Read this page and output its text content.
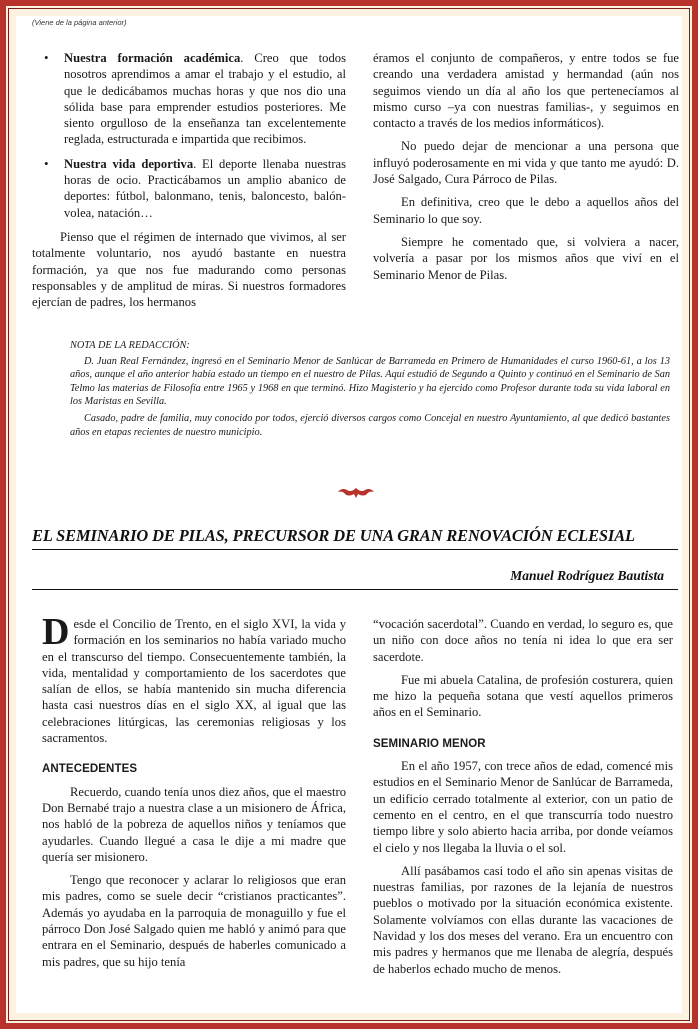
(Viene de la página anterior)
• Nuestra formación académica. Creo que todos nosotros aprendimos a amar el trabajo y el estudio, al que le dedicábamos muchas horas y que nos dio una sólida base para emprender estudios posteriores. Me siento orgulloso de la enseñanza tan excelentemente reglada, estructurada e impartida que recibimos.
• Nuestra vida deportiva. El deporte llenaba nuestras horas de ocio. Practicábamos un amplio abanico de deportes: fútbol, balonmano, tenis, baloncesto, balón-volea, natación…

Pienso que el régimen de internado que vivimos, al ser totalmente voluntario, nos ayudó bastante en nuestra formación, ya que nos fue madurando como personas responsables y de amplitud de miras. Si nuestros formadores ejercían de padres, los hermanos

éramos el conjunto de compañeros, y entre todos se fue creando una verdadera amistad y hermandad (aún nos seguimos viendo un día al año los que pertenecíamos al mismo curso –ya con nuestras familias-, y seguimos en contacto a través de los medios informáticos).

No puedo dejar de mencionar a una persona que influyó poderosamente en mi vida y que tanto me ayudó: D. José Salgado, Cura Párroco de Pilas.

En definitiva, creo que le debo a aquellos años del Seminario lo que soy.

Siempre he comentado que, si volviera a nacer, volvería a pasar por los mismos años que viví en el Seminario Menor de Pilas.

NOTA DE LA REDACCIÓN:

D. Juan Real Fernández, ingresó en el Seminario Menor de Sanlúcar de Barrameda en Primero de Humanidades el curso 1960-61, a los 13 años, aunque el año anterior había estado un tiempo en el nuestro de Pilas. Aquí estudió de Segundo a Quinto y continuó en el Seminario de San Telmo las materias de Filosofía entre 1965 y 1968 en que terminó. Hizo Magisterio y ha ejercido como Profesor durante toda su vida laboral en los Maristas en Sevilla.

Casado, padre de familia, muy conocido por todos, ejerció diversos cargos como Concejal en nuestro Ayuntamiento, al que dedicó bastantes años en etapas recientes de nuestro municipio.

EL SEMINARIO DE PILAS, PRECURSOR DE UNA GRAN RENOVACIÓN ECLESIAL
Manuel Rodríguez Bautista

Desde el Concilio de Trento, en el siglo XVI, la vida y formación en los seminarios no había variado mucho en el transcurso del tiempo. Consecuentemente también, la vida, mentalidad y comportamiento de los sacerdotes que salían de ellos, se había mantenido sin mucha diferencia hasta casi nuestros días en el siglo XX, al igual que las celebraciones litúrgicas, las ceremonias religiosas y los sacramentos.

ANTECEDENTES

Recuerdo, cuando tenía unos diez años, que el maestro Don Bernabé trajo a nuestra clase a un misionero de África, nos habló de la pobreza de aquellos niños y teníamos que ayudarles. Cuando llegué a casa le dije a mi madre que quería ser misionero.

Tengo que reconocer y aclarar lo religiosos que eran mis padres, como se suele decir “cristianos practicantes”. Además yo ayudaba en la parroquia de monaguillo y fue el párroco Don José Salgado quien me habló y animó para que entrara en el Seminario, después de haberles comunicado a mis padres, que su hijo tenía

“vocación sacerdotal”. Cuando en verdad, lo seguro es, que un niño con doce años no tenía ni idea lo que era ser sacerdote.

Fue mi abuela Catalina, de profesión costurera, quien me hizo la pequeña sotana que vestí aquellos primeros años en el Seminario.

SEMINARIO MENOR

En el año 1957, con trece años de edad, comencé mis estudios en el Seminario Menor de Sanlúcar de Barrameda, un edificio cerrado totalmente al exterior, con un patio de cemento en el centro, en el que transcurría todo nuestro tiempo libre y solo abierto hacia arriba, por donde veíamos el cielo y nos llegaba la lluvia o el sol.

Allí pasábamos casi todo el año sin apenas visitas de nuestras familias, por razones de la lejanía de nuestros pueblos o motivado por la situación económica existente. Solamente volvíamos con ellas durante las vacaciones de Navidad y los dos meses del verano. Era un encuentro con mis padres y hermanos que me llenaba de alegría, después de haberlos echado mucho de menos.
